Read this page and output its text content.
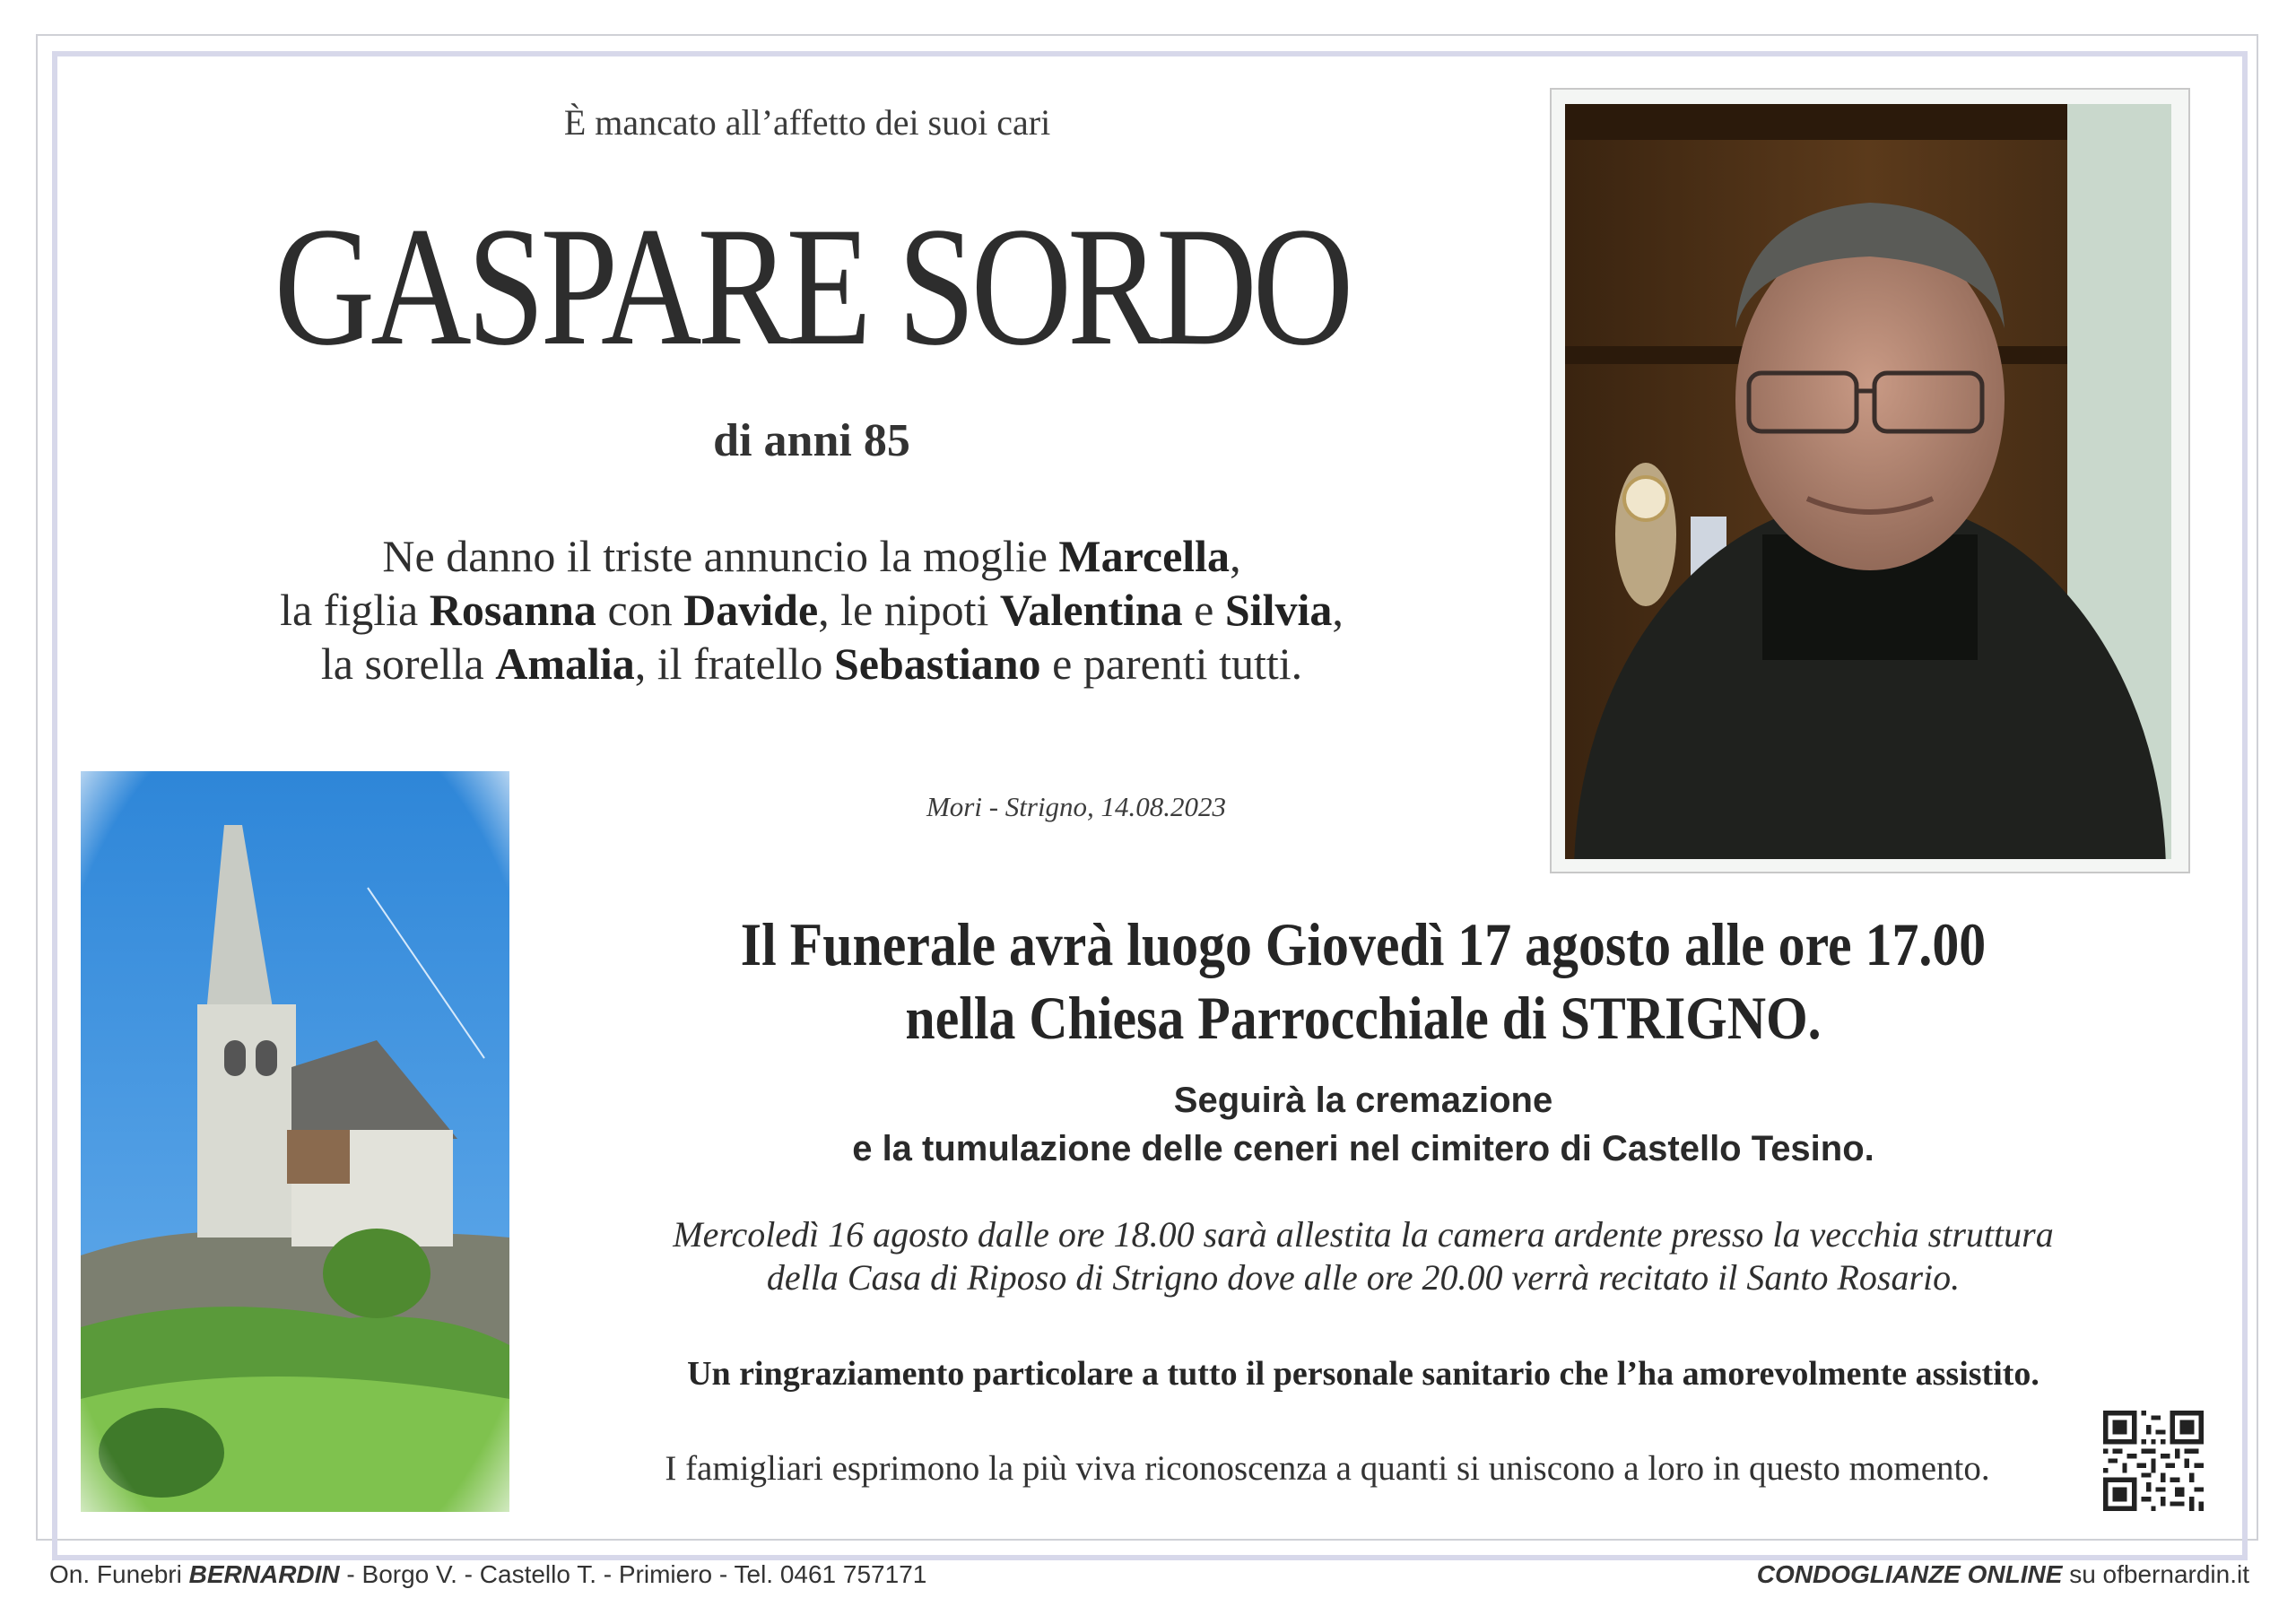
È mancato all’affetto dei suoi cari
GASPARE SORDO
di anni 85
Ne danno il triste annuncio la moglie Marcella,
la figlia Rosanna con Davide, le nipoti Valentina e Silvia,
la sorella Amalia, il fratello Sebastiano e parenti tutti.
Mori - Strigno, 14.08.2023
Il Funerale avrà luogo Giovedì 17 agosto alle ore 17.00
nella Chiesa Parrocchiale di STRIGNO.
Seguirà la cremazione
e la tumulazione delle ceneri nel cimitero di Castello Tesino.
Mercoledì 16 agosto dalle ore 18.00 sarà allestita la camera ardente presso la vecchia struttura
della Casa di Riposo di Strigno dove alle ore 20.00 verrà recitato il Santo Rosario.
Un ringraziamento particolare a tutto il personale sanitario che l’ha amorevolmente assistito.
I famigliari esprimono la più viva riconoscenza a quanti si uniscono a loro in questo momento.
On. Funebri BERNARDIN - Borgo V. - Castello T. - Primiero - Tel. 0461 757171	CONDOGLIANZE ONLINE su ofbernardin.it
